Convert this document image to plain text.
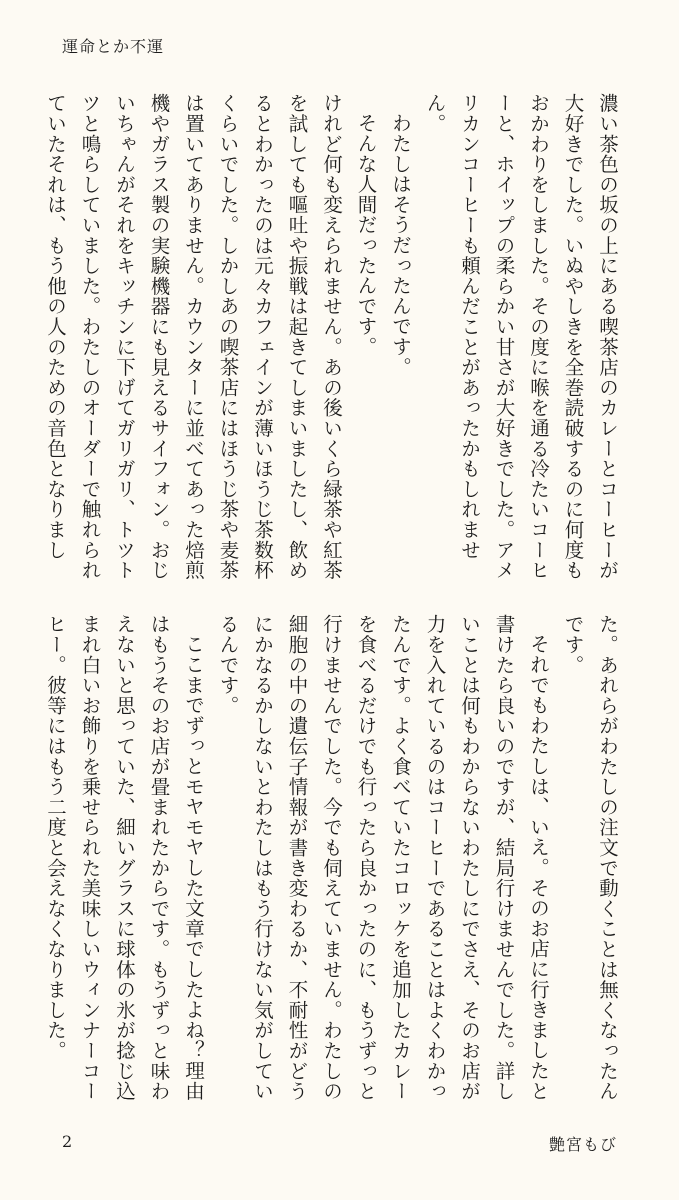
運命とか不運

濃い茶色の坂の上にある喫茶店のカレーとコーヒーが大好きでした。いぬやしきを全巻読破するのに何度もおかわりをしました。その度に喉を通る冷たいコーヒーと、ホイップの柔らかい甘さが大好きでした。アメリカンコーヒーも頼んだことがあったかもしれません。

わたしはそうだったんです。

そんな人間だったんです。

けれど何も変えられません。あの後いくら緑茶や紅茶を試しても嘔吐や振戦は起きてしまいましたし、飲めるとわかったのは元々カフェインが薄いほうじ茶数杯くらいでした。しかしあの喫茶店にはほうじ茶や麦茶は置いてありません。カウンターに並べてあった焙煎機やガラス製の実験機器にも見えるサイフォン。おじいちゃんがそれをキッチンに下げてガリガリ、トツトツと鳴らしていました。わたしのオーダーで触れられていたそれは、もう他の人のための音色となりまし

た。あれらがわたしの注文で動くことは無くなったんです。

それでもわたしは、いえ。そのお店に行きましたと書けたら良いのですが、結局行けませんでした。詳しいことは何もわからないわたしにでさえ、そのお店が力を入れているのはコーヒーであることはよくわかったんです。よく食べていたコロッケを追加したカレーを食べるだけでも行ったら良かったのに、もうずっと行けませんでした。今でも伺えていません。わたしの細胞の中の遺伝子情報が書き変わるか、不耐性がどうにかなるかしないとわたしはもう行けない気がしているんです。

ここまでずっとモヤモヤした文章でしたよね？理由はもうそのお店が畳まれたからです。もうずっと味わえないと思っていた、細いグラスに球体の氷が捻じ込まれ白いお飾りを乗せられた美味しいウィンナーコーヒー。彼等にはもう二度と会えなくなりました。

2	艶宮もび
